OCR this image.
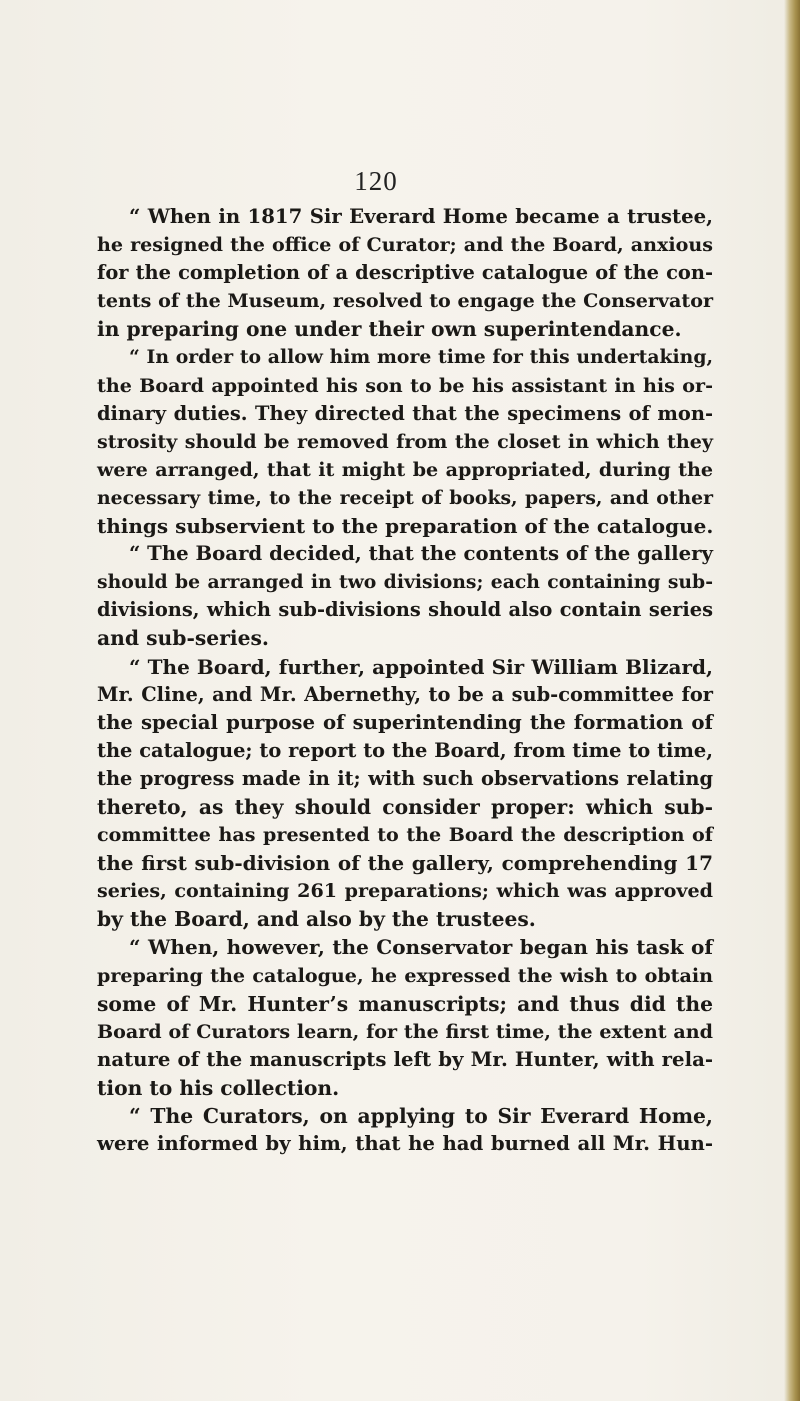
120
“ When in 1817 Sir Everard Home became a trustee,
he resigned the office of Curator; and the Board, anxious
for the completion of a descriptive catalogue of the con-
tents of the Museum, resolved to engage the Conservator
in preparing one under their own superintendance.
“ In order to allow him more time for this undertaking,
the Board appointed his son to be his assistant in his or-
dinary duties. They directed that the specimens of mon-
strosity should be removed from the closet in which they
were arranged, that it might be appropriated, during the
necessary time, to the receipt of books, papers, and other
things subservient to the preparation of the catalogue.
“ The Board decided, that the contents of the gallery
should be arranged in two divisions; each containing sub-
divisions, which sub-divisions should also contain series
and sub-series.
“ The Board, further, appointed Sir William Blizard,
Mr. Cline, and Mr. Abernethy, to be a sub-committee for
the special purpose of superintending the formation of
the catalogue; to report to the Board, from time to time,
the progress made in it; with such observations relating
thereto, as they should consider proper: which sub-
committee has presented to the Board the description of
the first sub-division of the gallery, comprehending 17
series, containing 261 preparations; which was approved
by the Board, and also by the trustees.
“ When, however, the Conservator began his task of
preparing the catalogue, he expressed the wish to obtain
some of Mr. Hunter’s manuscripts; and thus did the
Board of Curators learn, for the first time, the extent and
nature of the manuscripts left by Mr. Hunter, with rela-
tion to his collection.
“ The Curators, on applying to Sir Everard Home,
were informed by him, that he had burned all Mr. Hun-
